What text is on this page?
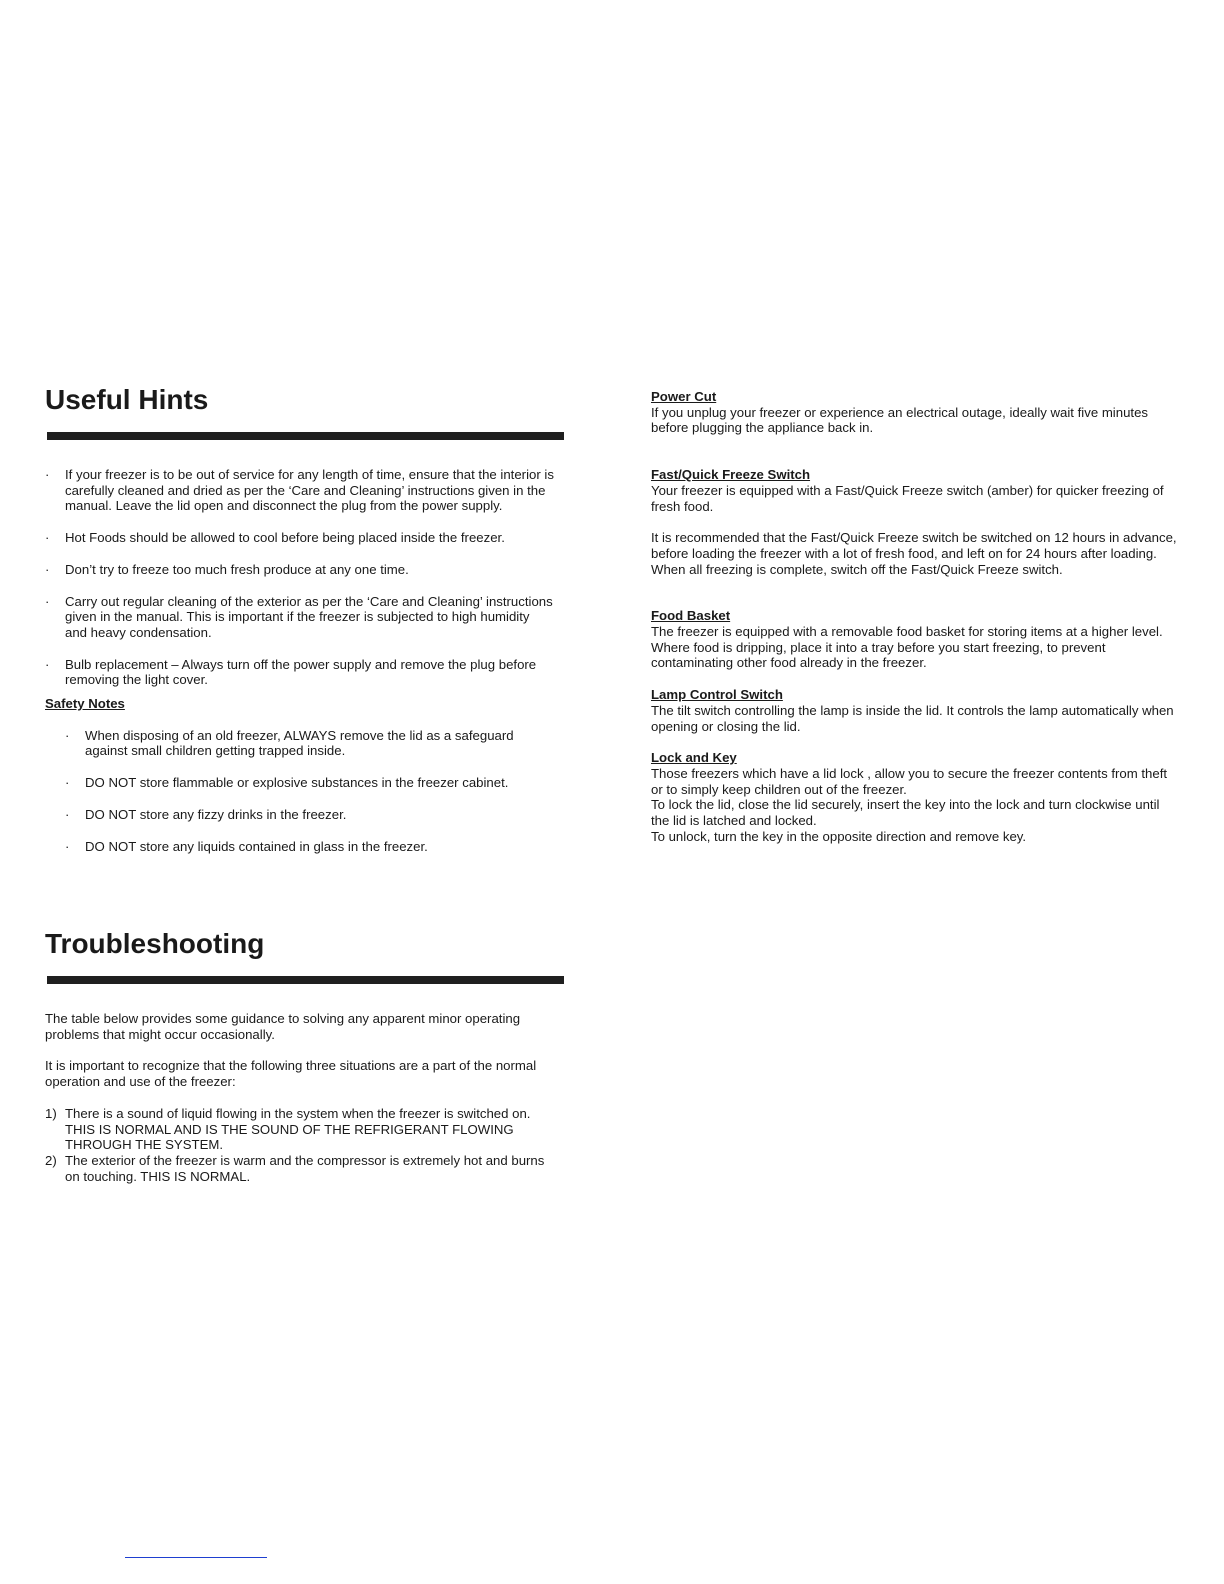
Useful Hints
· If your freezer is to be out of service for any length of time, ensure that the interior is carefully cleaned and dried as per the ‘Care and Cleaning’ instructions given in the manual. Leave the lid open and disconnect the plug from the power supply.
· Hot Foods should be allowed to cool before being placed inside the freezer.
· Don’t try to freeze too much fresh produce at any one time.
· Carry out regular cleaning of the exterior as per the ‘Care and Cleaning’ instructions given in the manual. This is important if the freezer is subjected to high humidity and heavy condensation.
· Bulb replacement – Always turn off the power supply and remove the plug before removing the light cover.
Safety Notes
· When disposing of an old freezer, ALWAYS remove the lid as a safeguard against small children getting trapped inside.
· DO NOT store flammable or explosive substances in the freezer cabinet.
· DO NOT store any fizzy drinks in the freezer.
· DO NOT store any liquids contained in glass in the freezer.
Troubleshooting

The table below provides some guidance to solving any apparent minor operating problems that might occur occasionally.

It is important to recognize that the following three situations are a part of the normal operation and use of the freezer:

1) There is a sound of liquid flowing in the system when the freezer is switched on. THIS IS NORMAL AND IS THE SOUND OF THE REFRIGERANT FLOWING THROUGH THE SYSTEM.
2) The exterior of the freezer is warm and the compressor is extremely hot and burns on touching. THIS IS NORMAL.
Power Cut

If you unplug your freezer or experience an electrical outage, ideally wait five minutes before plugging the appliance back in.

Fast/Quick Freeze Switch

Your freezer is equipped with a Fast/Quick Freeze switch (amber) for quicker freezing of fresh food.

It is recommended that the Fast/Quick Freeze switch be switched on 12 hours in advance, before loading the freezer with a lot of fresh food, and left on for 24 hours after loading. When all freezing is complete, switch off the Fast/Quick Freeze switch.

Food Basket

The freezer is equipped with a removable food basket for storing items at a higher level. Where food is dripping, place it into a tray before you start freezing, to prevent contaminating other food already in the freezer.

Lamp Control Switch

The tilt switch controlling the lamp is inside the lid. It controls the lamp automatically when opening or closing the lid.

Lock and Key
Those freezers which have a lid lock , allow you to secure the freezer contents from theft or to simply keep children out of the freezer.
To lock the lid, close the lid securely, insert the key into the lock and turn clockwise until the lid is latched and locked.
To unlock, turn the key in the opposite direction and remove key.
